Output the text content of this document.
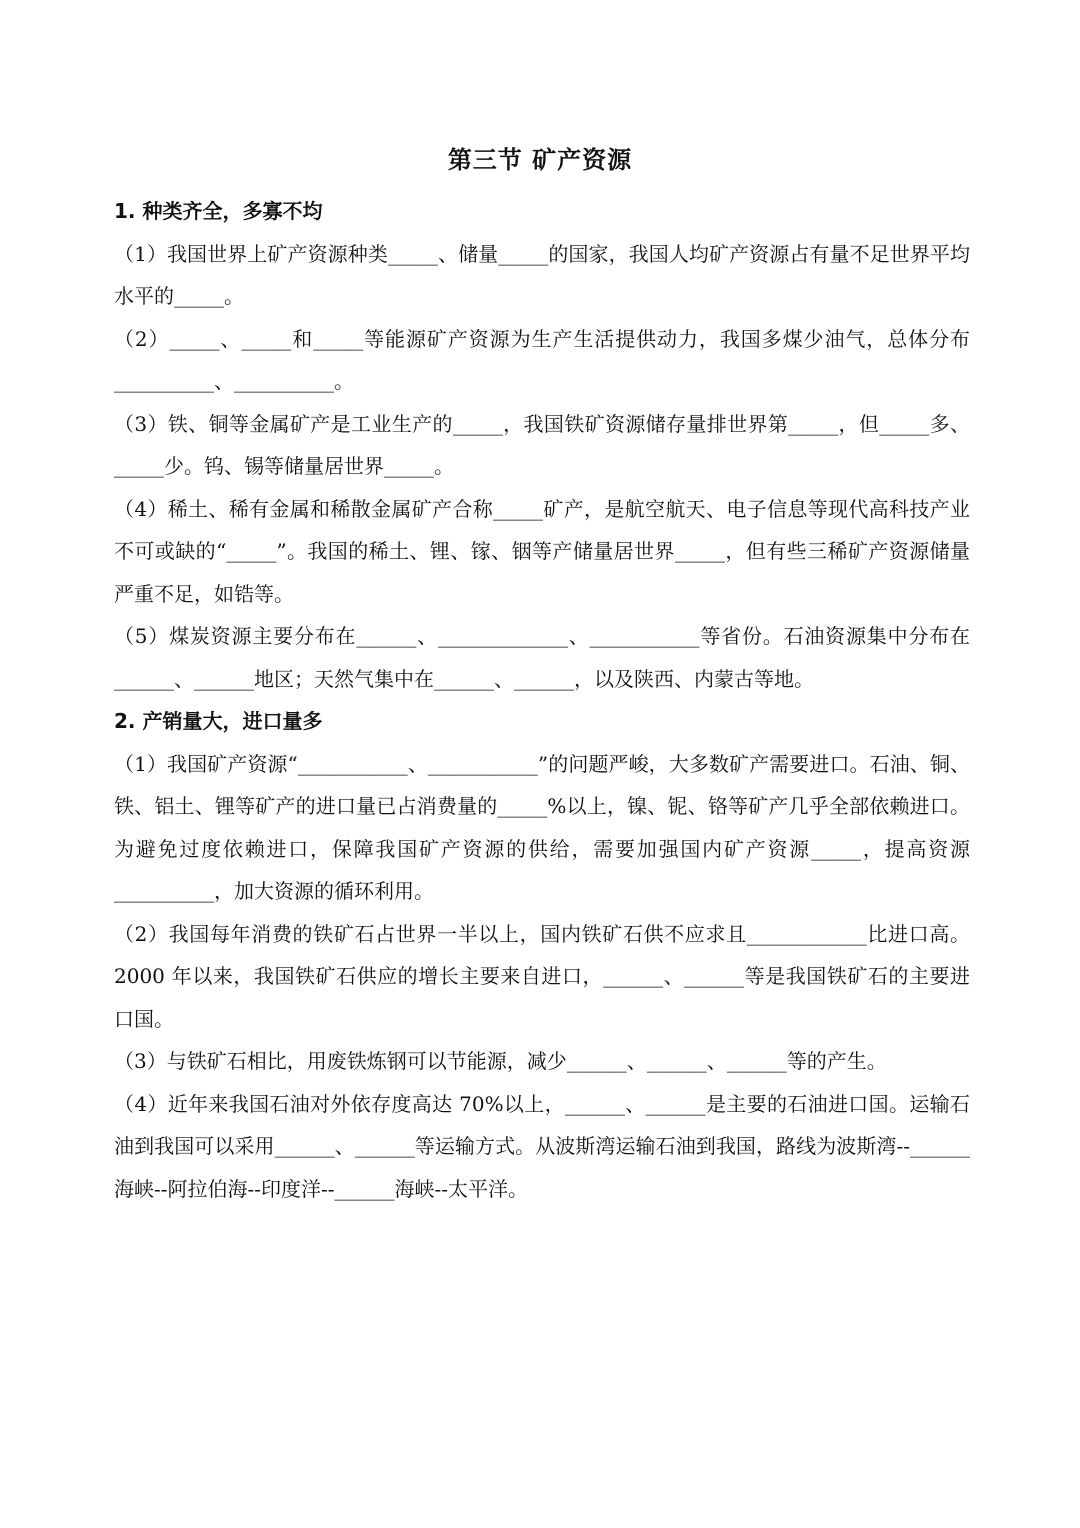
第三节 矿产资源

1. 种类齐全，多寡不均

（1）我国世界上矿产资源种类_____、储量_____的国家，我国人均矿产资源占有量不足世界平均水平的_____。

（2）_____、_____和_____等能源矿产资源为生产生活提供动力，我国多煤少油气，总体分布__________、__________。

（3）铁、铜等金属矿产是工业生产的_____，我国铁矿资源储存量排世界第_____，但_____多、_____少。钨、锡等储量居世界_____。

（4）稀土、稀有金属和稀散金属矿产合称_____矿产，是航空航天、电子信息等现代高科技产业不可或缺的“_____”。我国的稀土、锂、镓、铟等产储量居世界_____，但有些三稀矿产资源储量严重不足，如锆等。

（5）煤炭资源主要分布在______、_____________、___________等省份。石油资源集中分布在______、______地区；天然气集中在______、______，以及陕西、内蒙古等地。

2. 产销量大，进口量多

（1）我国矿产资源“___________、___________”的问题严峻，大多数矿产需要进口。石油、铜、铁、铝土、锂等矿产的进口量已占消费量的_____%以上，镍、铌、铬等矿产几乎全部依赖进口。为避免过度依赖进口，保障我国矿产资源的供给，需要加强国内矿产资源_____，提高资源__________，加大资源的循环利用。

（2）我国每年消费的铁矿石占世界一半以上，国内铁矿石供不应求且____________比进口高。2000 年以来，我国铁矿石供应的增长主要来自进口，______、______等是我国铁矿石的主要进口国。

（3）与铁矿石相比，用废铁炼钢可以节能源，减少______、______、______等的产生。

（4）近年来我国石油对外依存度高达 70%以上，______、______是主要的石油进口国。运输石油到我国可以采用______、______等运输方式。从波斯湾运输石油到我国，路线为波斯湾--______海峡--阿拉伯海--印度洋--______海峡--太平洋。
